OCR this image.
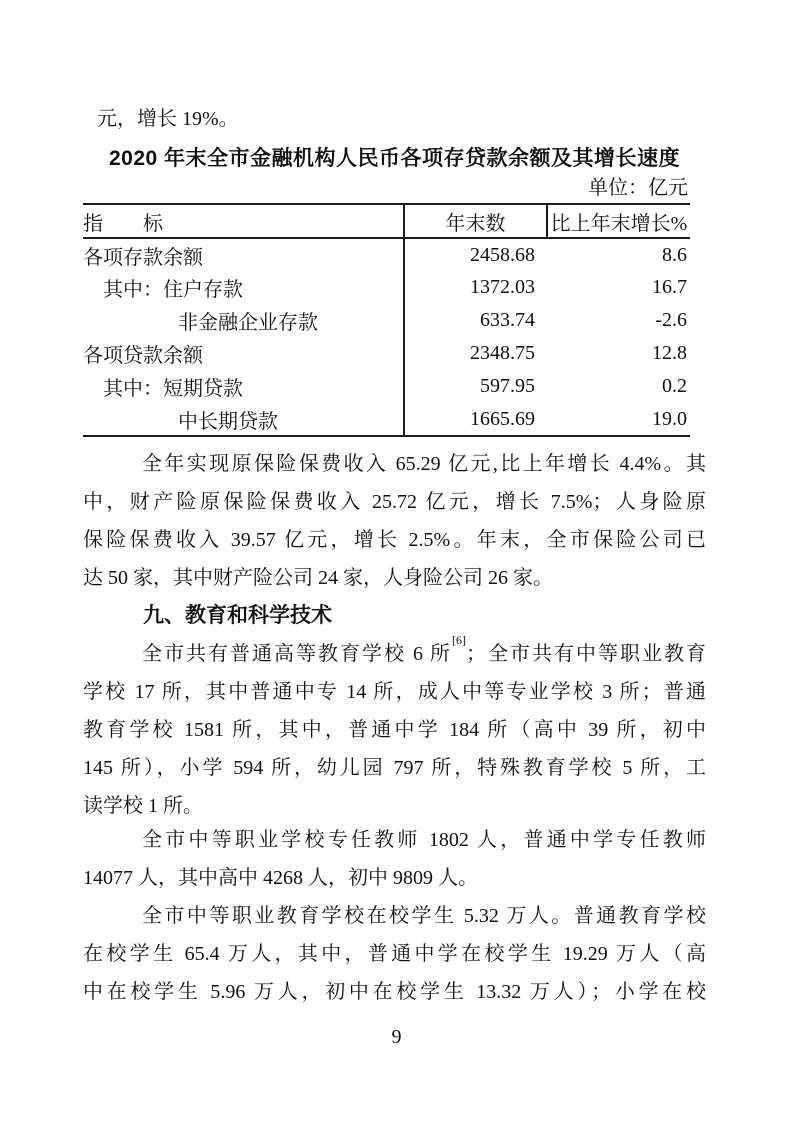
元，增长 19%。
2020 年末全市金融机构人民币各项存贷款余额及其增长速度
单位：亿元
指　　标	年末数	比上年末增长%
各项存款余额	2458.68	8.6
其中：住户存款	1372.03	16.7
非金融企业存款	633.74	-2.6
各项贷款余额	2348.75	12.8
其中：短期贷款	597.95	0.2
中长期贷款	1665.69	19.0
全年实现原保险保费收入 65.29 亿元,比上年增长 4.4%。其
中，财产险原保险保费收入 25.72 亿元，增长 7.5%；人身险原
保险保费收入 39.57 亿元，增长 2.5%。年末，全市保险公司已
达 50 家，其中财产险公司 24 家，人身险公司 26 家。
九、教育和科学技术
全市共有普通高等教育学校 6 所[6]；全市共有中等职业教育
学校 17 所，其中普通中专 14 所，成人中等专业学校 3 所；普通
教育学校 1581 所，其中，普通中学 184 所（高中 39 所，初中
145 所），小学 594 所，幼儿园 797 所，特殊教育学校 5 所，工
读学校 1 所。
全市中等职业学校专任教师 1802 人，普通中学专任教师
14077 人，其中高中 4268 人，初中 9809 人。
全市中等职业教育学校在校学生 5.32 万人。普通教育学校
在校学生 65.4 万人，其中，普通中学在校学生 19.29 万人（高
中在校学生 5.96 万人，初中在校学生 13.32 万人）；小学在校
9
